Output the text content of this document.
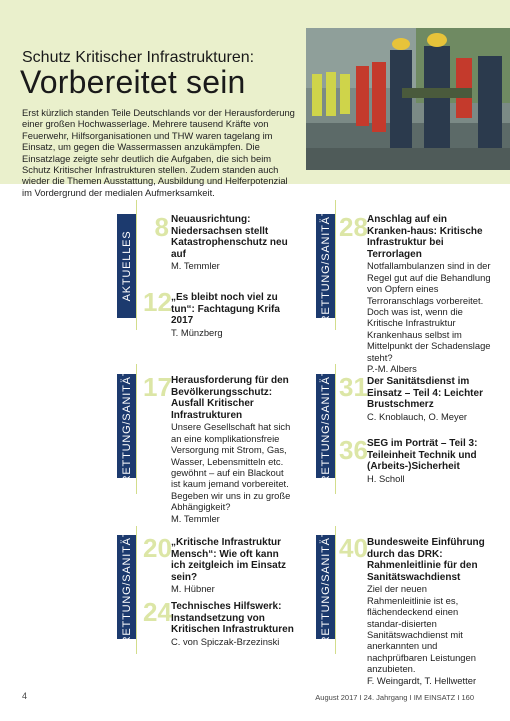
Schutz Kritischer Infrastrukturen:
Vorbereitet sein
Erst kürzlich standen Teile Deutschlands vor der Herausforderung einer großen Hochwasserlage. Mehrere tausend Kräfte von Feuerwehr, Hilfsorganisationen und THW waren tagelang im Einsatz, um gegen die Wassermassen anzukämpfen. Die Einsatzlage zeigte sehr deutlich die Aufgaben, die sich beim Schutz Kritischer Infrastrukturen stellen. Zudem standen auch wieder die Themen Ausstattung, Ausbildung und Helferpotenzial im Vordergrund der medialen Aufmerksamkeit.
AKTUELLES
8 Neuausrichtung: Niedersachsen stellt Katastrophenschutz neu auf
M. Temmler
12 „Es bleibt noch viel zu tun“: Fachtagung Krifa 2017
T. Münzberg
RETTUNG/SANITÄT 28 Anschlag auf ein Kranken-haus: Kritische Infrastruktur bei Terrorlagen
Notfallambulanzen sind in der Regel gut auf die Behandlung von Opfern eines Terroranschlags vorbereitet. Doch was ist, wenn die Kritische Infrastruktur Krankenhaus selbst im Mittelpunkt der Schadenslage steht?
P.-M. Albers
RETTUNG/SANITÄT 17 Herausforderung für den Bevölkerungsschutz: Ausfall Kritischer Infrastrukturen
Unsere Gesellschaft hat sich an eine komplikationsfreie Versorgung mit Strom, Gas, Wasser, Lebensmitteln etc. gewöhnt – auf ein Blackout ist kaum jemand vorbereitet. Begeben wir uns in zu große Abhängigkeit?
M. Temmler
RETTUNG/SANITÄT 31 Der Sanitätsdienst im Einsatz – Teil 4: Leichter Brustschmerz
C. Knoblauch, O. Meyer
36 SEG im Porträt – Teil 3: Teileinheit Technik und (Arbeits-)Sicherheit
H. Scholl
RETTUNG/SANITÄT 20 „Kritische Infrastruktur Mensch“: Wie oft kann ich zeitgleich im Einsatz sein?
M. Hübner
24 Technisches Hilfswerk: Instandsetzung von Kritischen Infrastrukturen
C. von Spiczak-Brzezinski	RETTUNG/SANITÄT 40 Bundesweite Einführung durch das DRK: Rahmenleitlinie für den Sanitätswachdienst
Ziel der neuen Rahmenleitlinie ist es, flächendeckend einen standar-disierten Sanitätswachdienst mit anerkannten und nachprüfbaren Leistungen anzubieten.
F. Weingardt, T. Hellwetter
4	August 2017 I 24. Jahrgang I IM EINSATZ I 160
